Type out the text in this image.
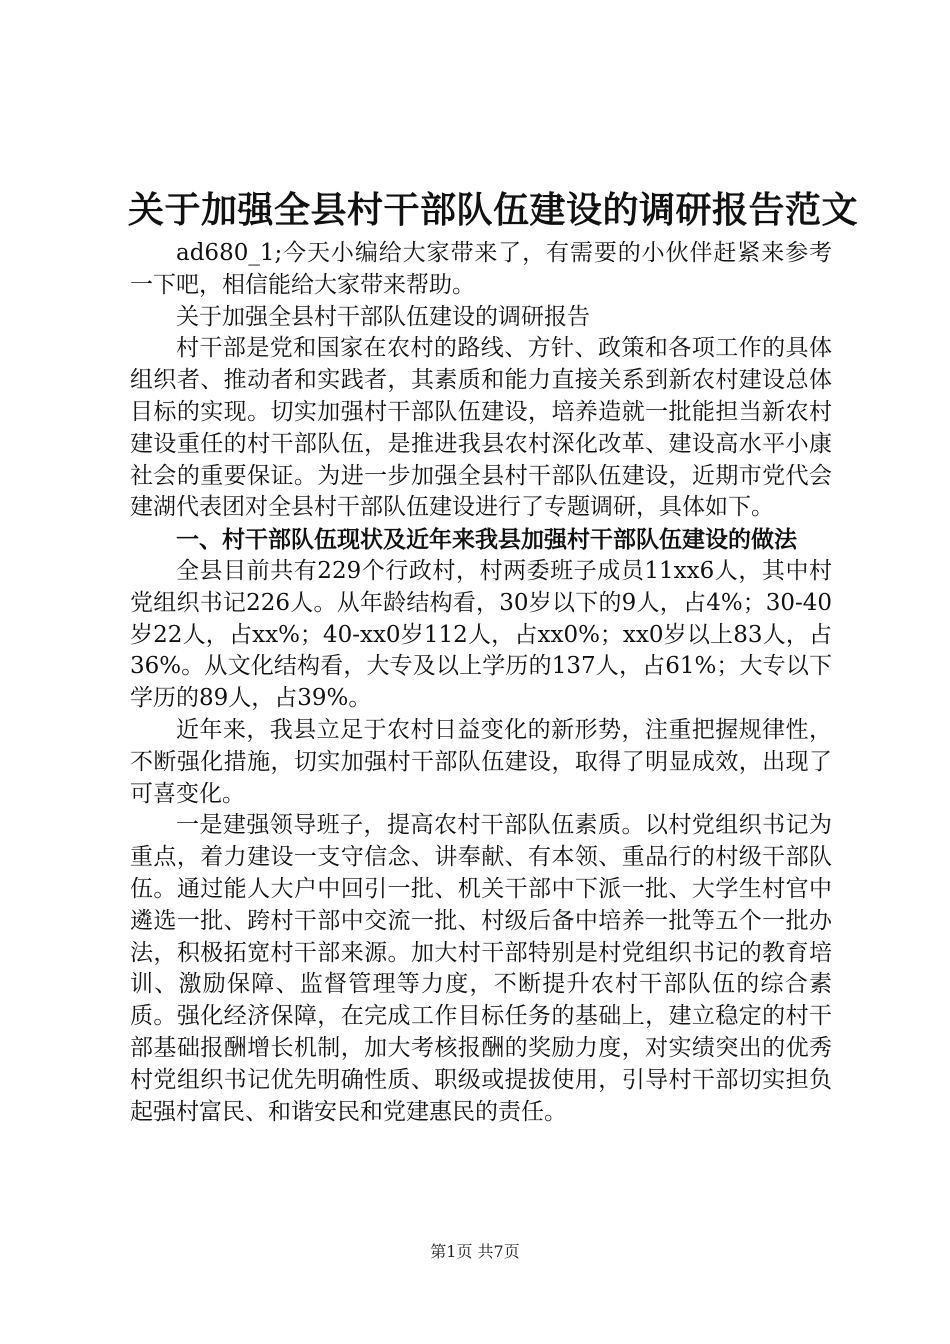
关于加强全县村干部队伍建设的调研报告范文

ad680_1;今天小编给大家带来了，有需要的小伙伴赶紧来参考一下吧，相信能给大家带来帮助。

关于加强全县村干部队伍建设的调研报告

村干部是党和国家在农村的路线、方针、政策和各项工作的具体组织者、推动者和实践者，其素质和能力直接关系到新农村建设总体目标的实现。切实加强村干部队伍建设，培养造就一批能担当新农村建设重任的村干部队伍，是推进我县农村深化改革、建设高水平小康社会的重要保证。为进一步加强全县村干部队伍建设，近期市党代会建湖代表团对全县村干部队伍建设进行了专题调研，具体如下。

一、村干部队伍现状及近年来我县加强村干部队伍建设的做法

全县目前共有229个行政村，村两委班子成员11xx6人，其中村党组织书记226人。从年龄结构看，30岁以下的9人，占4%；30-40岁22人，占xx%；40-xx0岁112人，占xx0%；xx0岁以上83人，占36%。从文化结构看，大专及以上学历的137人，占61%；大专以下学历的89人，占39%。

近年来，我县立足于农村日益变化的新形势，注重把握规律性，不断强化措施，切实加强村干部队伍建设，取得了明显成效，出现了可喜变化。

一是建强领导班子，提高农村干部队伍素质。以村党组织书记为重点，着力建设一支守信念、讲奉献、有本领、重品行的村级干部队伍。通过能人大户中回引一批、机关干部中下派一批、大学生村官中遴选一批、跨村干部中交流一批、村级后备中培养一批等五个一批办法，积极拓宽村干部来源。加大村干部特别是村党组织书记的教育培训、激励保障、监督管理等力度，不断提升农村干部队伍的综合素质。强化经济保障，在完成工作目标任务的基础上，建立稳定的村干部基础报酬增长机制，加大考核报酬的奖励力度，对实绩突出的优秀村党组织书记优先明确性质、职级或提拔使用，引导村干部切实担负起强村富民、和谐安民和党建惠民的责任。

第1页 共7页
